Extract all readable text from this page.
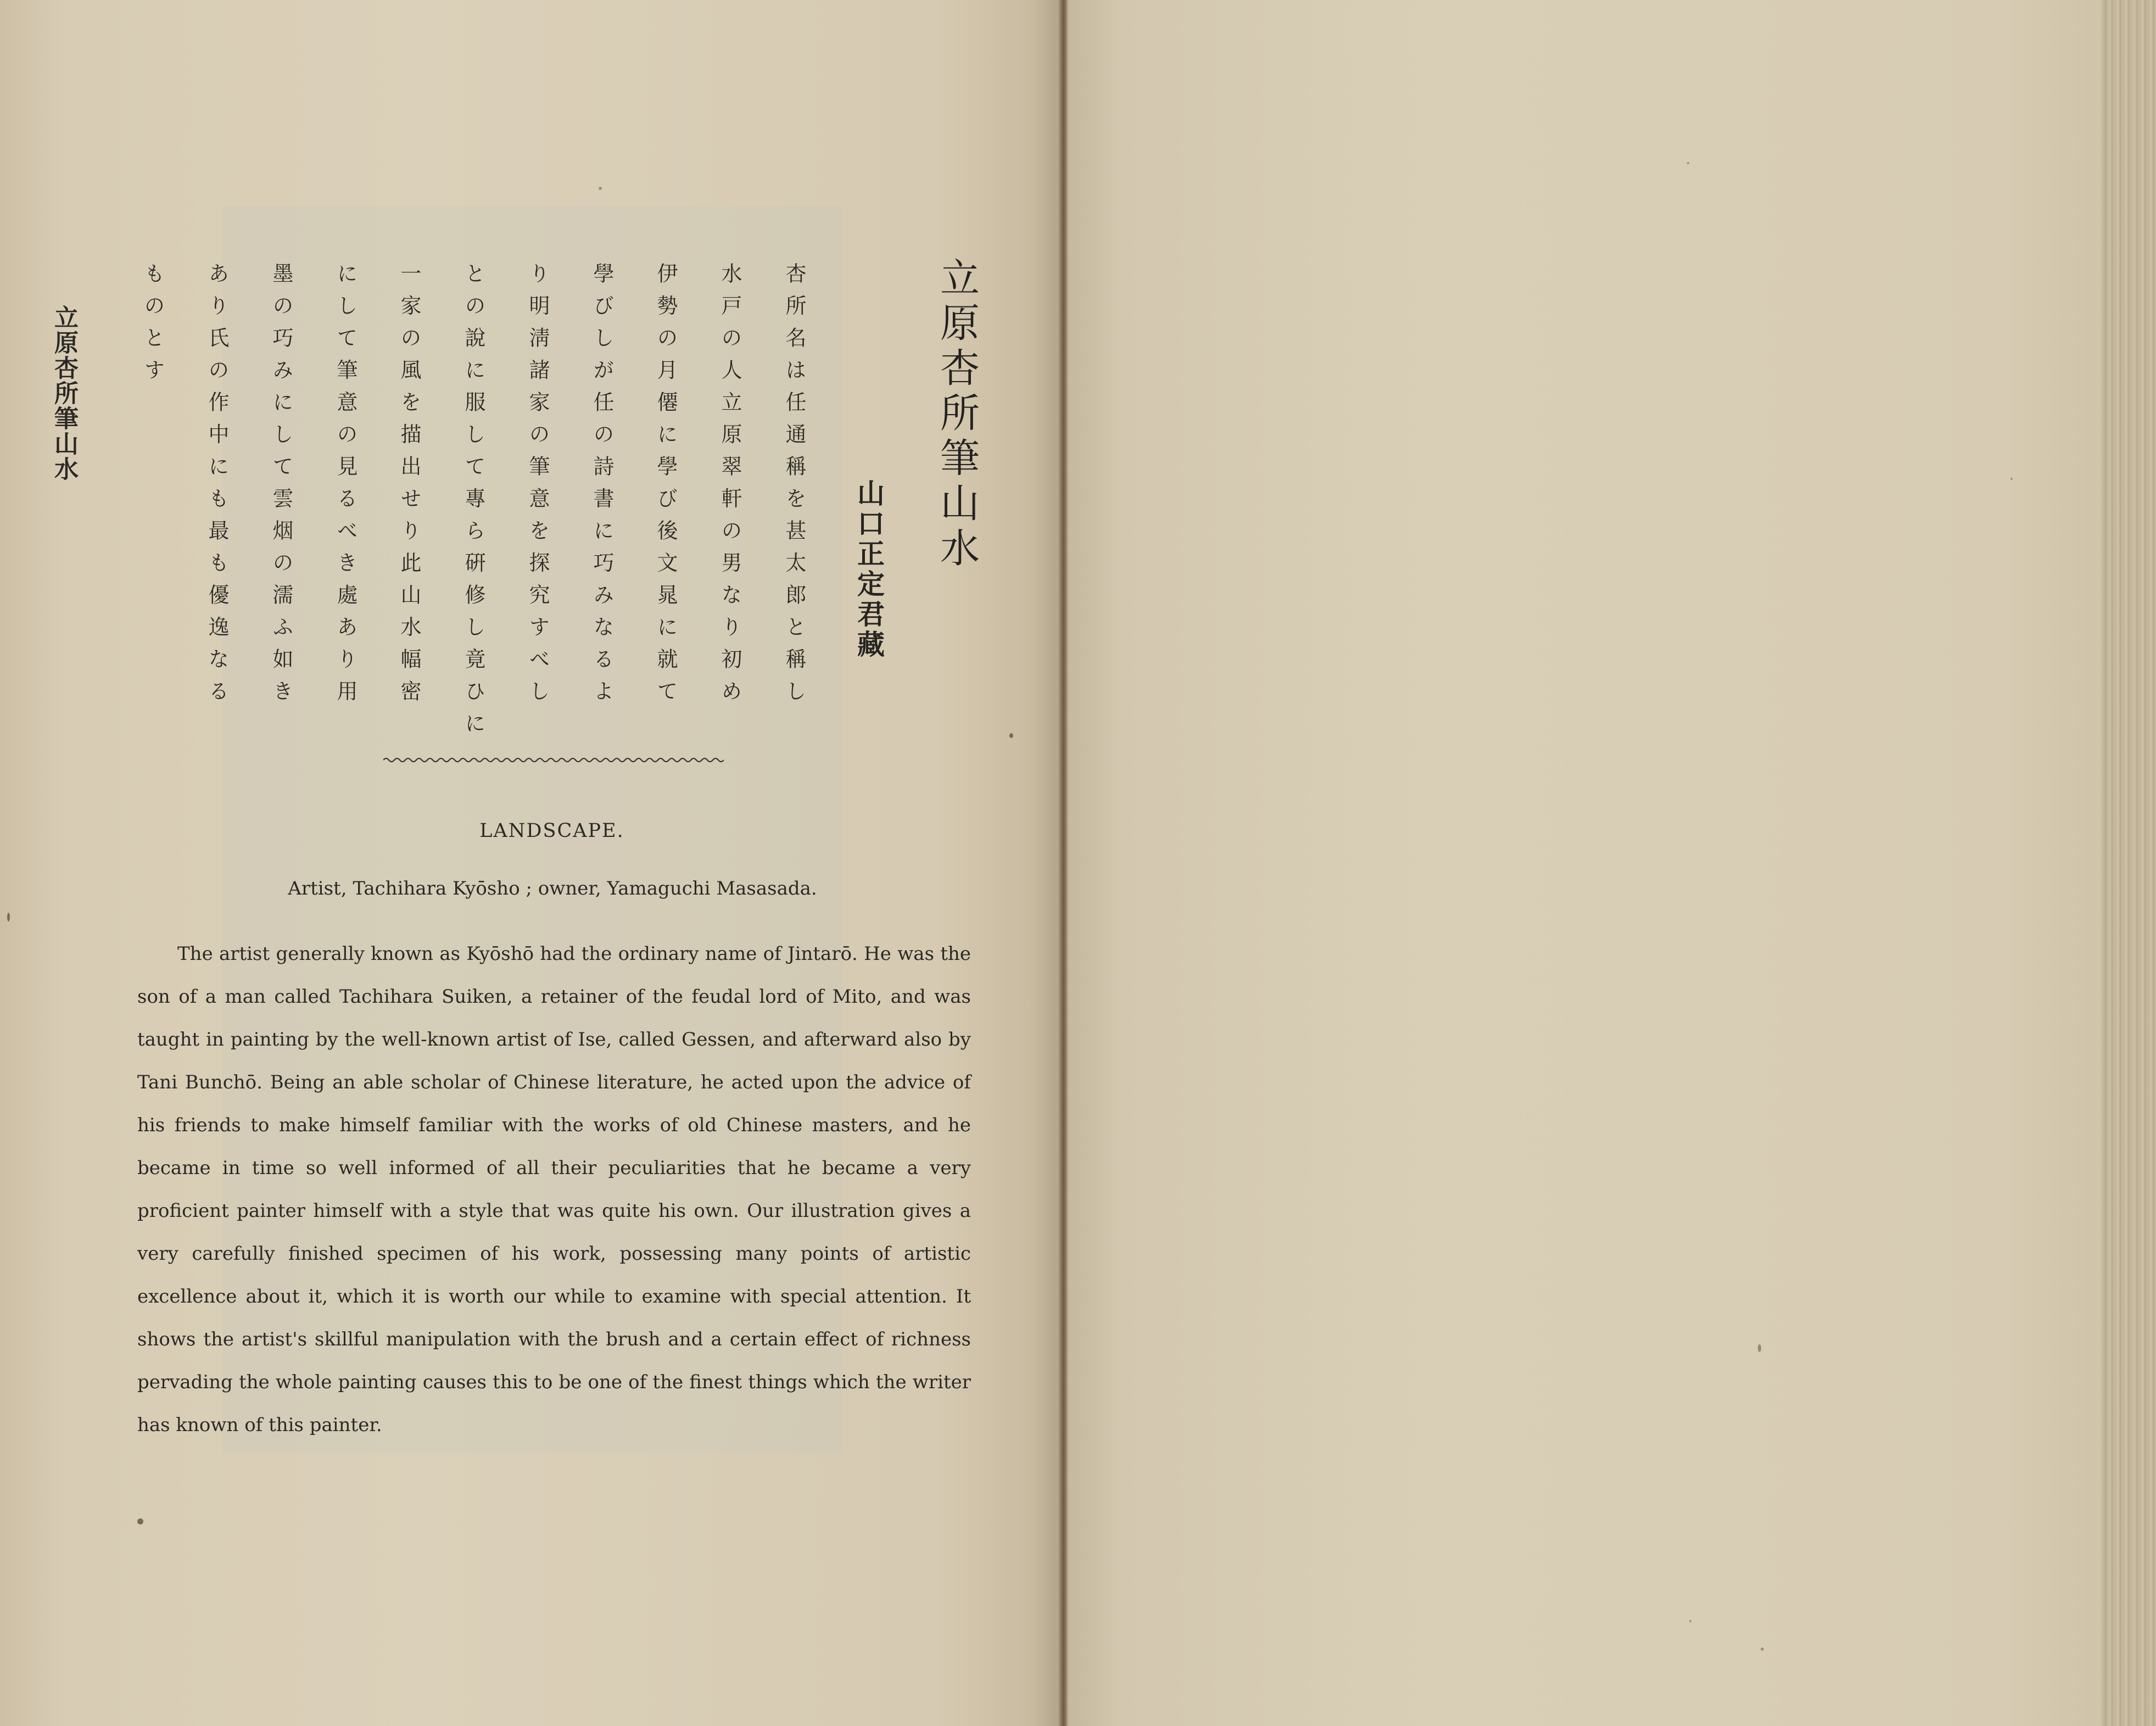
立原杏所筆山水	立原杏所筆山水
山口正定君藏
杏所名は任通稱を甚太郎と稱し
水戸の人立原翠軒の男なり初め
伊勢の月僊に學び後文晁に就て
學びしが任の詩書に巧みなるよ
り明淸諸家の筆意を探究すべし
との說に服して專ら硏修し竟ひに
一家の風を描出せり此山水幅密
にして筆意の見るべき處あり用
墨の巧みにして雲烟の濡ふ如き
あり氏の作中にも最も優逸なる
ものとす
LANDSCAPE.
Artist, Tachihara Kyōsho ; owner, Yamaguchi Masasada.
The artist generally known as Kyōshō had the ordinary name of Jintarō. He was the son of a man called Tachihara Suiken, a retainer of the feudal lord of Mito, and was taught in painting by the well-known artist of Ise, called Gessen, and afterward also by Tani Bunchō. Being an able scholar of Chinese literature, he acted upon the advice of his friends to make himself familiar with the works of old Chinese masters, and he became in time so well informed of all their peculiarities that he became a very proficient painter himself with a style that was quite his own. Our illustration gives a very carefully finished specimen of his work, possessing many points of artistic excellence about it, which it is worth our while to examine with special attention. It shows the artist's skillful manipulation with the brush and a certain effect of richness pervading the whole painting causes this to be one of the finest things which the writer has known of this painter.
